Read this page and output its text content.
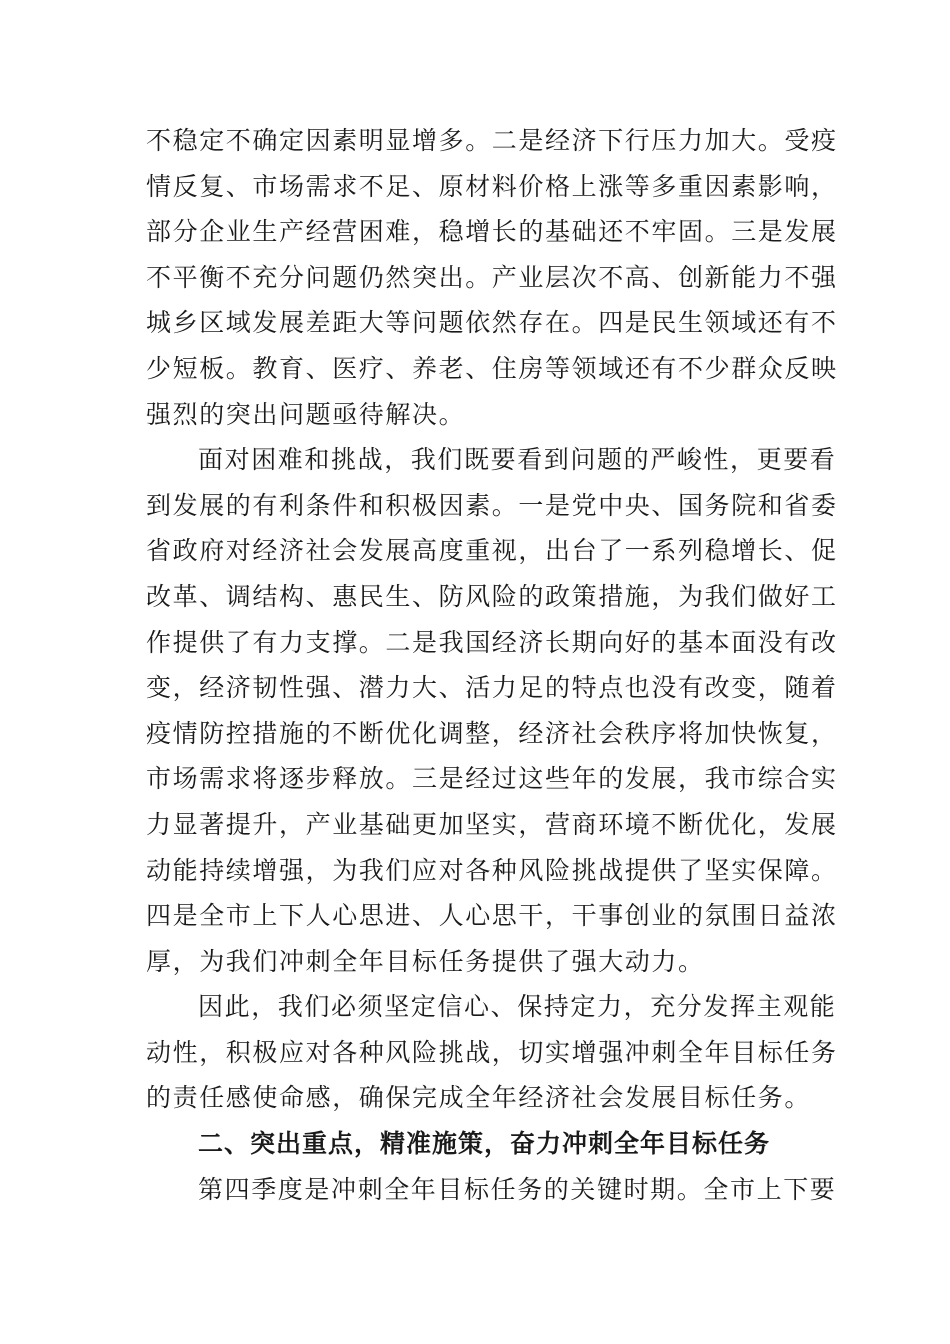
不稳定不确定因素明显增多。二是经济下行压力加大。受疫
情反复、市场需求不足、原材料价格上涨等多重因素影响，
部分企业生产经营困难，稳增长的基础还不牢固。三是发展
不平衡不充分问题仍然突出。产业层次不高、创新能力不强
城乡区域发展差距大等问题依然存在。四是民生领域还有不
少短板。教育、医疗、养老、住房等领域还有不少群众反映
强烈的突出问题亟待解决。

面对困难和挑战，我们既要看到问题的严峻性，更要看
到发展的有利条件和积极因素。一是党中央、国务院和省委
省政府对经济社会发展高度重视，出台了一系列稳增长、促
改革、调结构、惠民生、防风险的政策措施，为我们做好工
作提供了有力支撑。二是我国经济长期向好的基本面没有改
变，经济韧性强、潜力大、活力足的特点也没有改变，随着
疫情防控措施的不断优化调整，经济社会秩序将加快恢复，
市场需求将逐步释放。三是经过这些年的发展，我市综合实
力显著提升，产业基础更加坚实，营商环境不断优化，发展
动能持续增强，为我们应对各种风险挑战提供了坚实保障。
四是全市上下人心思进、人心思干，干事创业的氛围日益浓
厚，为我们冲刺全年目标任务提供了强大动力。

因此，我们必须坚定信心、保持定力，充分发挥主观能
动性，积极应对各种风险挑战，切实增强冲刺全年目标任务
的责任感使命感，确保完成全年经济社会发展目标任务。

二、突出重点，精准施策，奋力冲刺全年目标任务

第四季度是冲刺全年目标任务的关键时期。全市上下要
